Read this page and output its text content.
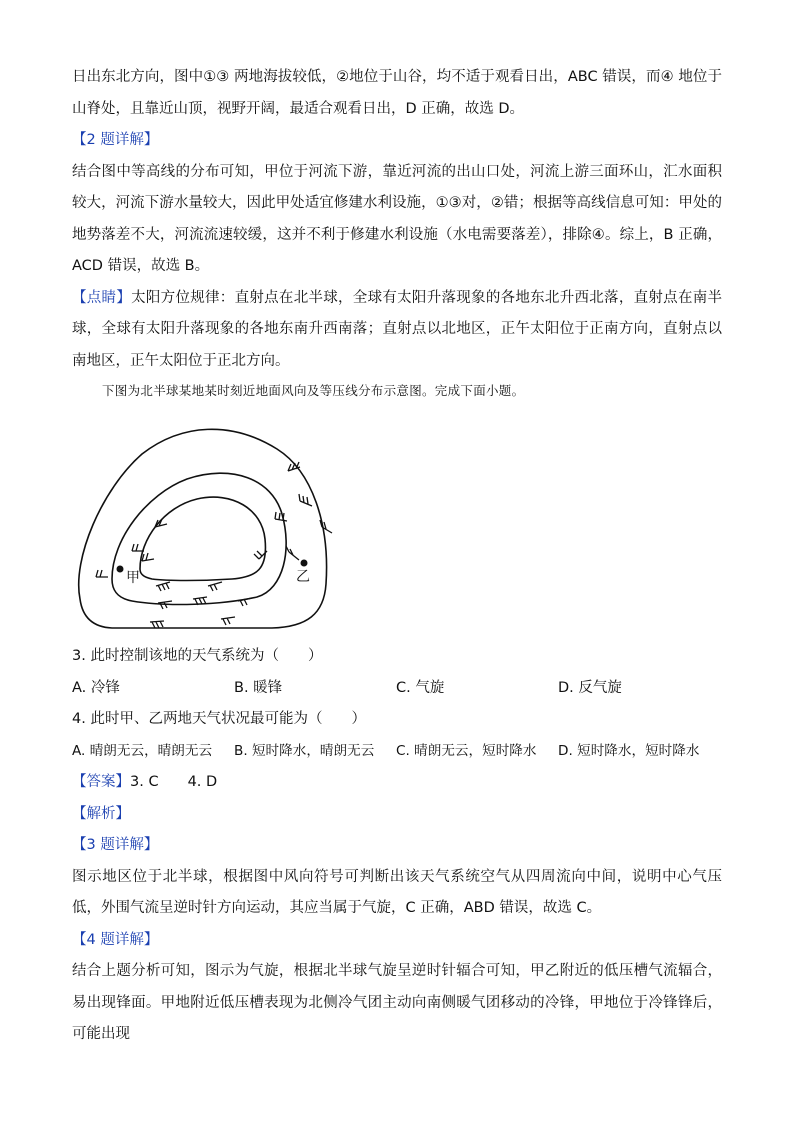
日出东北方向，图中①③ 两地海拔较低，②地位于山谷，均不适于观看日出，ABC 错误，而④ 地位于山脊处，且靠近山顶，视野开阔，最适合观看日出，D 正确，故选 D。

【2 题详解】

结合图中等高线的分布可知，甲位于河流下游，靠近河流的出山口处，河流上游三面环山，汇水面积较大，河流下游水量较大，因此甲处适宜修建水利设施，①③对，②错；根据等高线信息可知：甲处的地势落差不大，河流流速较缓，这并不利于修建水利设施（水电需要落差），排除④。综上，B 正确，ACD 错误，故选 B。

【点睛】太阳方位规律：直射点在北半球，全球有太阳升落现象的各地东北升西北落，直射点在南半球，全球有太阳升落现象的各地东南升西南落；直射点以北地区，正午太阳位于正南方向，直射点以南地区，正午太阳位于正北方向。

下图为北半球某地某时刻近地面风向及等压线分布示意图。完成下面小题。

甲	乙

3. 此时控制该地的天气系统为（　　）

A. 冷锋	B. 暖锋	C. 气旋	D. 反气旋

4. 此时甲、乙两地天气状况最可能为（　　）

A. 晴朗无云，晴朗无云	B. 短时降水，晴朗无云	C. 晴朗无云，短时降水	D. 短时降水，短时降水

【答案】3. C　　4. D

【解析】

【3 题详解】

图示地区位于北半球，根据图中风向符号可判断出该天气系统空气从四周流向中间，说明中心气压低，外围气流呈逆时针方向运动，其应当属于气旋，C 正确，ABD 错误，故选 C。

【4 题详解】

结合上题分析可知，图示为气旋，根据北半球气旋呈逆时针辐合可知，甲乙附近的低压槽气流辐合，易出现锋面。甲地附近低压槽表现为北侧冷气团主动向南侧暖气团移动的冷锋，甲地位于冷锋锋后，可能出现
